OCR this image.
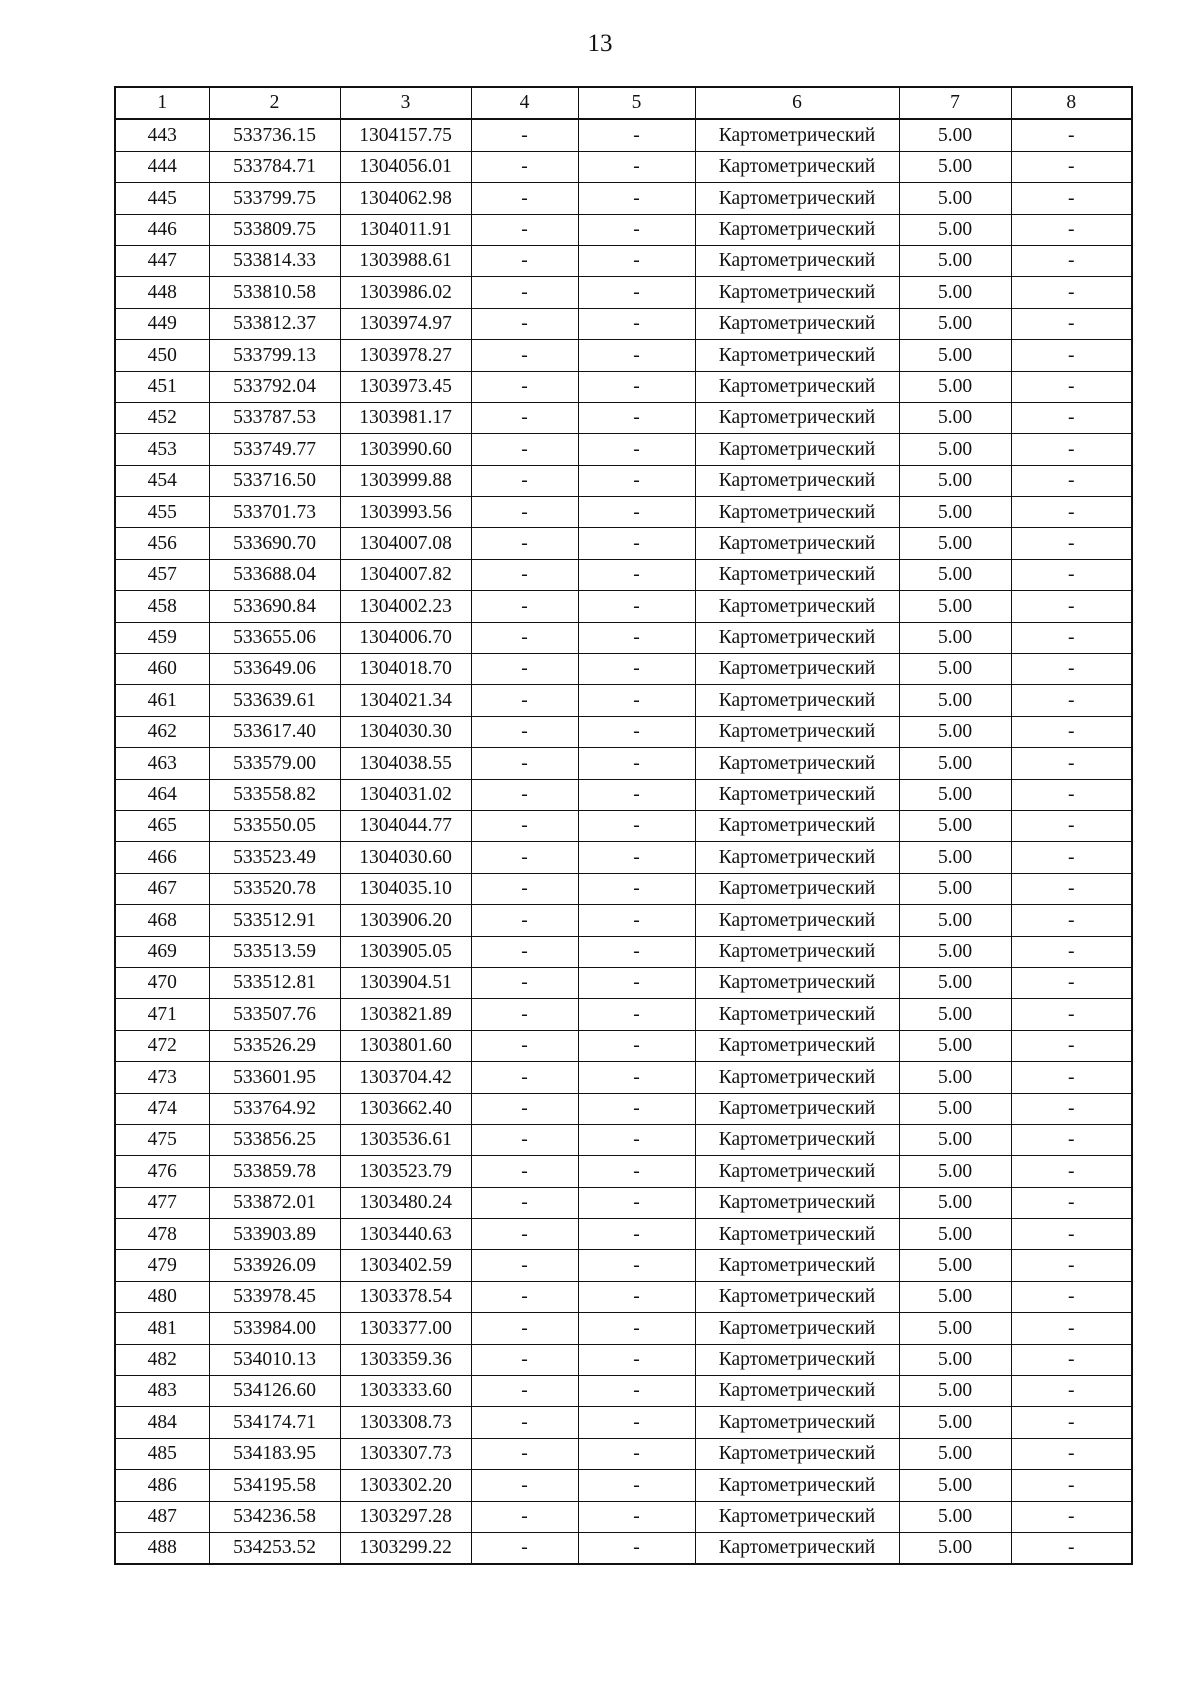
13
1	2	3	4	5	6	7	8
443	533736.15	1304157.75	-	-	Картометрический	5.00	-
444	533784.71	1304056.01	-	-	Картометрический	5.00	-
445	533799.75	1304062.98	-	-	Картометрический	5.00	-
446	533809.75	1304011.91	-	-	Картометрический	5.00	-
447	533814.33	1303988.61	-	-	Картометрический	5.00	-
448	533810.58	1303986.02	-	-	Картометрический	5.00	-
449	533812.37	1303974.97	-	-	Картометрический	5.00	-
450	533799.13	1303978.27	-	-	Картометрический	5.00	-
451	533792.04	1303973.45	-	-	Картометрический	5.00	-
452	533787.53	1303981.17	-	-	Картометрический	5.00	-
453	533749.77	1303990.60	-	-	Картометрический	5.00	-
454	533716.50	1303999.88	-	-	Картометрический	5.00	-
455	533701.73	1303993.56	-	-	Картометрический	5.00	-
456	533690.70	1304007.08	-	-	Картометрический	5.00	-
457	533688.04	1304007.82	-	-	Картометрический	5.00	-
458	533690.84	1304002.23	-	-	Картометрический	5.00	-
459	533655.06	1304006.70	-	-	Картометрический	5.00	-
460	533649.06	1304018.70	-	-	Картометрический	5.00	-
461	533639.61	1304021.34	-	-	Картометрический	5.00	-
462	533617.40	1304030.30	-	-	Картометрический	5.00	-
463	533579.00	1304038.55	-	-	Картометрический	5.00	-
464	533558.82	1304031.02	-	-	Картометрический	5.00	-
465	533550.05	1304044.77	-	-	Картометрический	5.00	-
466	533523.49	1304030.60	-	-	Картометрический	5.00	-
467	533520.78	1304035.10	-	-	Картометрический	5.00	-
468	533512.91	1303906.20	-	-	Картометрический	5.00	-
469	533513.59	1303905.05	-	-	Картометрический	5.00	-
470	533512.81	1303904.51	-	-	Картометрический	5.00	-
471	533507.76	1303821.89	-	-	Картометрический	5.00	-
472	533526.29	1303801.60	-	-	Картометрический	5.00	-
473	533601.95	1303704.42	-	-	Картометрический	5.00	-
474	533764.92	1303662.40	-	-	Картометрический	5.00	-
475	533856.25	1303536.61	-	-	Картометрический	5.00	-
476	533859.78	1303523.79	-	-	Картометрический	5.00	-
477	533872.01	1303480.24	-	-	Картометрический	5.00	-
478	533903.89	1303440.63	-	-	Картометрический	5.00	-
479	533926.09	1303402.59	-	-	Картометрический	5.00	-
480	533978.45	1303378.54	-	-	Картометрический	5.00	-
481	533984.00	1303377.00	-	-	Картометрический	5.00	-
482	534010.13	1303359.36	-	-	Картометрический	5.00	-
483	534126.60	1303333.60	-	-	Картометрический	5.00	-
484	534174.71	1303308.73	-	-	Картометрический	5.00	-
485	534183.95	1303307.73	-	-	Картометрический	5.00	-
486	534195.58	1303302.20	-	-	Картометрический	5.00	-
487	534236.58	1303297.28	-	-	Картометрический	5.00	-
488	534253.52	1303299.22	-	-	Картометрический	5.00	-
